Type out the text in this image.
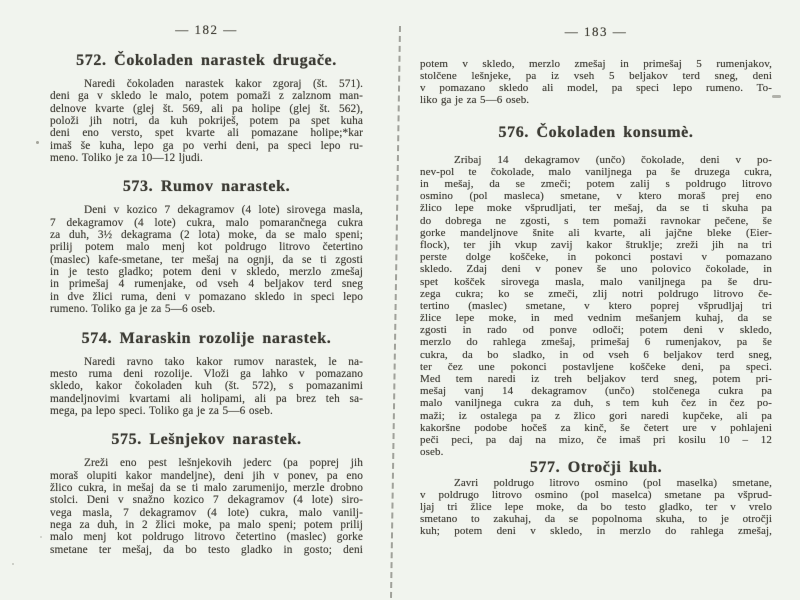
— 182 —
572. Čokoladen narastek drugače.
Naredi čokoladen narastek kakor zgoraj (št. 571).
deni ga v skledo le malo, potem pomaži z zalznom man-
delnove kvarte (glej št. 569, ali pa holipe (glej št. 562),
položi jih notri, da kuh pokriješ, potem pa spet kuha
deni eno versto, spet kvarte ali pomazane holipe;*kar
imaš še kuha, lepo ga po verhi deni, pa speci lepo ru-
meno. Toliko je za 10—12 ljudi.
573. Rumov narastek.
Deni v kozico 7 dekagramov (4 lote) sirovega masla,
7 dekagramov (4 lote) cukra, malo pomarančnega cukra
za duh, 3½ dekagrama (2 lota) moke, da se malo speni;
prilij potem malo menj kot poldrugo litrovo četertino
(maslec) kafe-smetane, ter mešaj na ognji, da se ti zgosti
in je testo gladko; potem deni v skledo, merzlo zmešaj
in primešaj 4 rumenjake, od vseh 4 beljakov terd sneg
in dve žlici ruma, deni v pomazano skledo in speci lepo
rumeno. Toliko ga je za 5—6 oseb.
574. Maraskin rozolije narastek.
Naredi ravno tako kakor rumov narastek, le na-
mesto ruma deni rozolije. Vloži ga lahko v pomazano
skledo, kakor čokoladen kuh (št. 572), s pomazanimi
mandeljnovimi kvartami ali holipami, ali pa brez teh sa-
mega, pa lepo speci. Toliko ga je za 5—6 oseb.
575. Lešnjekov narastek.
Zreži eno pest lešnjekovih jederc (pa poprej jih
moraš olupiti kakor mandeljne), deni jih v ponev, pa eno
žlico cukra, in mešaj da se ti malo zarumenijo, merzle drobno
stolci. Deni v snažno kozico 7 dekagramov (4 lote) siro-
vega masla, 7 dekagramov (4 lote) cukra, malo vanilj-
nega za duh, in 2 žlici moke, pa malo speni; potem prilij
malo menj kot poldrugo litrovo četertino (maslec) gorke
smetane ter mešaj, da bo testo gladko in gosto; deni
— 183 —
potem v skledo, merzlo zmešaj in primešaj 5 rumenjakov,
stolčene lešnjeke, pa iz vseh 5 beljakov terd sneg, deni
v pomazano skledo ali model, pa speci lepo rumeno. To-
liko ga je za 5—6 oseb.
576. Čokoladen konsumè.
Zribaj 14 dekagramov (unčo) čokolade, deni v po-
nev-pol te čokolade, malo vaniljnega pa še druzega cukra,
in mešaj, da se zmeči; potem zalij s poldrugo litrovo
osmino (pol masleca) smetane, v ktero moraš prej eno
žlico lepe moke všprudljati, ter mešaj, da se ti skuha pa
do dobrega ne zgosti, s tem pomaži ravnokar pečene, še
gorke mandeljnove šnite ali kvarte, ali jajčne bleke (Eier-
flock), ter jih vkup zavij kakor štruklje; zreži jih na tri
perste dolge koščeke, in pokonci postavi v pomazano
skledo. Zdaj deni v ponev še uno polovico čokolade, in
spet košček sirovega masla, malo vaniljnega pa še dru-
zega cukra; ko se zmeči, zlij notri poldrugo litrovo če-
tertino (maslec) smetane, v ktero poprej všprudljaj tri
žlice lepe moke, in med vednim mešanjem kuhaj, da se
zgosti in rado od ponve odloči; potem deni v skledo,
merzlo do rahlega zmešaj, primešaj 6 rumenjakov, pa še
cukra, da bo sladko, in od vseh 6 beljakov terd sneg,
ter čez une pokonci postavljene koščeke deni, pa speci.
Med tem naredi iz treh beljakov terd sneg, potem pri-
mešaj vanj 14 dekagramov (unčo) stolčenega cukra pa
malo vaniljnega cukra za duh, s tem kuh čez in čez po-
maži; iz ostalega pa z žlico gori naredi kupčeke, ali pa
kakoršne podobe hočeš za kinč, še četert ure v pohlajeni
peči peci, pa daj na mizo, če imaš pri kosilu 10 – 12
oseb.
577. Otročji kuh.
Zavri poldrugo litrovo osmino (pol maselka) smetane,
v poldrugo litrovo osmino (pol maselca) smetane pa všprud-
ljaj tri žlice lepe moke, da bo testo gladko, ter v vrelo
smetano to zakuhaj, da se popolnoma skuha, to je otročji
kuh; potem deni v skledo, in merzlo do rahlega zmešaj,
